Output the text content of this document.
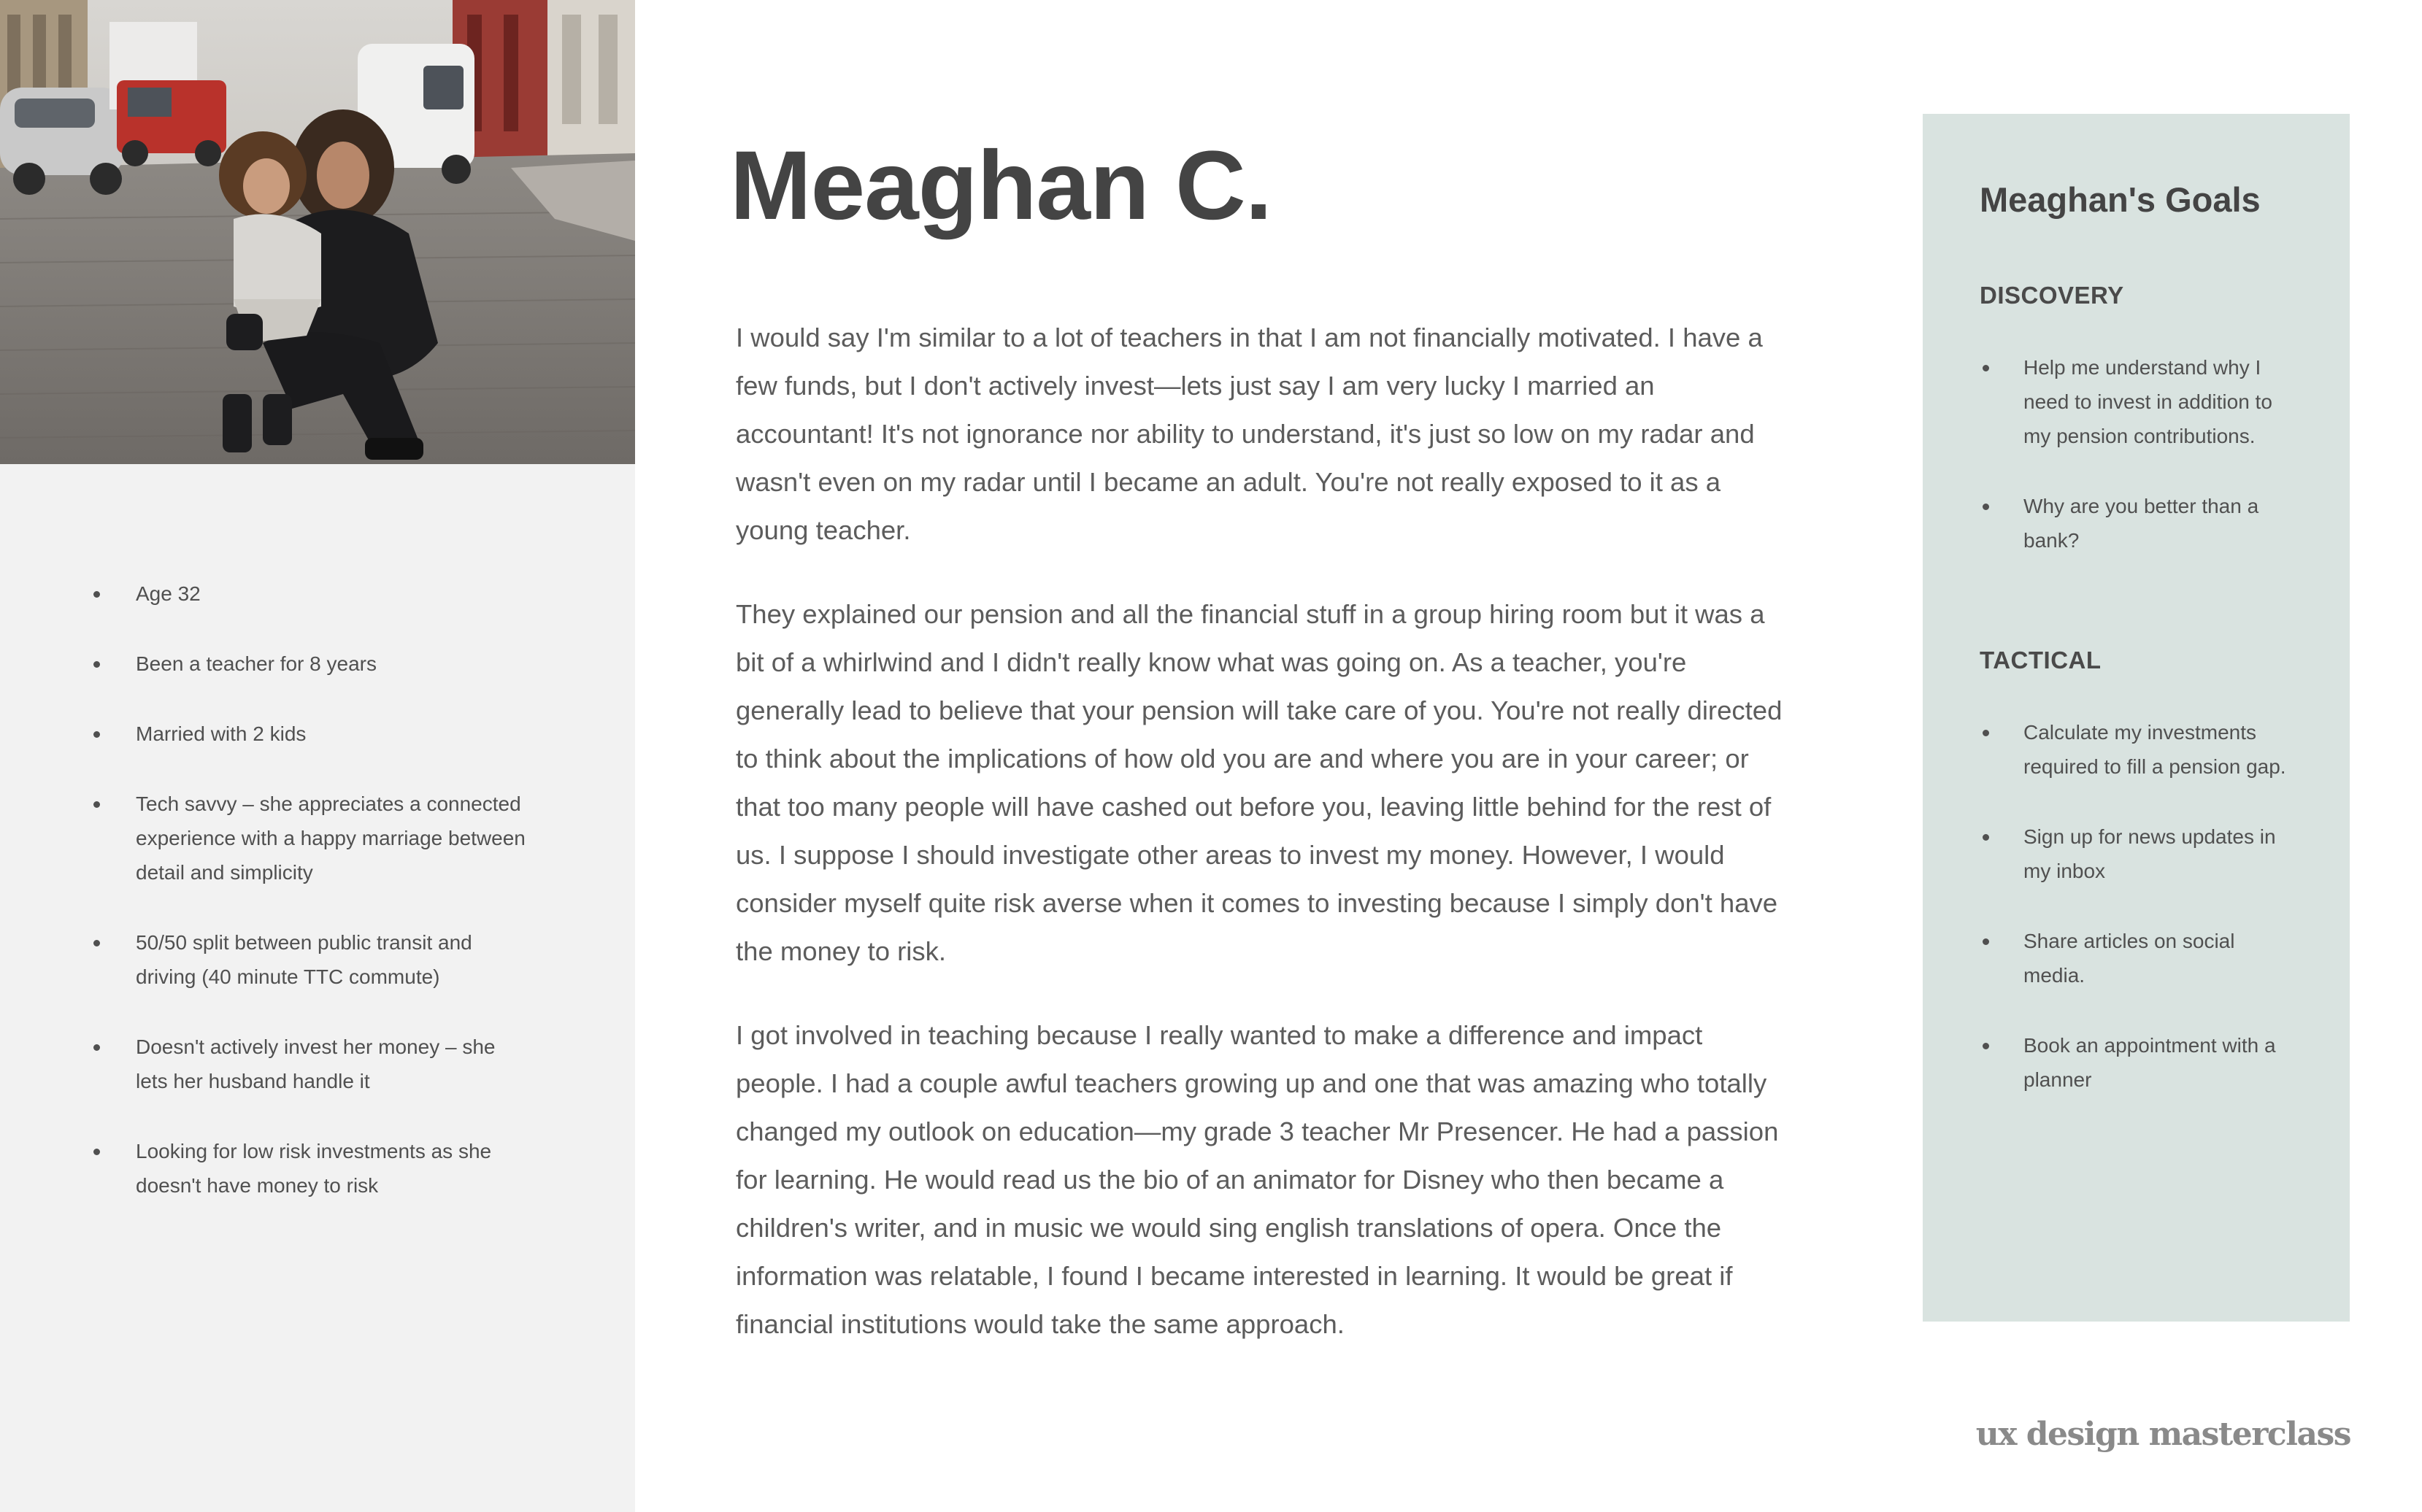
Age 32
Been a teacher for 8 years
Married with 2 kids
Tech savvy – she appreciates a connected experience with a happy marriage between detail and simplicity
50/50 split between public transit and driving (40 minute TTC commute)
Doesn't actively invest her money – she lets her husband handle it
Looking for low risk investments as she doesn't have money to risk
Meaghan C.

I would say I'm similar to a lot of teachers in that I am not financially motivated. I have a few funds, but I don't actively invest—lets just say I am very lucky I married an accountant! It's not ignorance nor ability to understand, it's just so low on my radar and wasn't even on my radar until I became an adult. You're not really exposed to it as a young teacher.

They explained our pension and all the financial stuff in a group hiring room but it was a bit of a whirlwind and I didn't really know what was going on. As a teacher, you're generally lead to believe that your pension will take care of you. You're not really directed to think about the implications of how old you are and where you are in your career; or that too many people will have cashed out before you, leaving little behind for the rest of us. I suppose I should investigate other areas to invest my money. However, I would consider myself quite risk averse when it comes to investing because I simply don't have the money to risk.

I got involved in teaching because I really wanted to make a difference and impact people. I had a couple awful teachers growing up and one that was amazing who totally changed my outlook on education—my grade 3 teacher Mr Presencer. He had a passion for learning. He would read us the bio of an animator for Disney who then became a children's writer, and in music we would sing english translations of opera. Once the information was relatable, I found I became interested in learning. It would be great if financial institutions would take the same approach.

Meaghan's Goals
DISCOVERY
Help me understand why I need to invest in addition to my pension contributions.
Why are you better than a bank?
TACTICAL
Calculate my investments required to fill a pension gap.
Sign up for news updates in my inbox
Share articles on social media.
Book an appointment with a planner
ux design masterclass
